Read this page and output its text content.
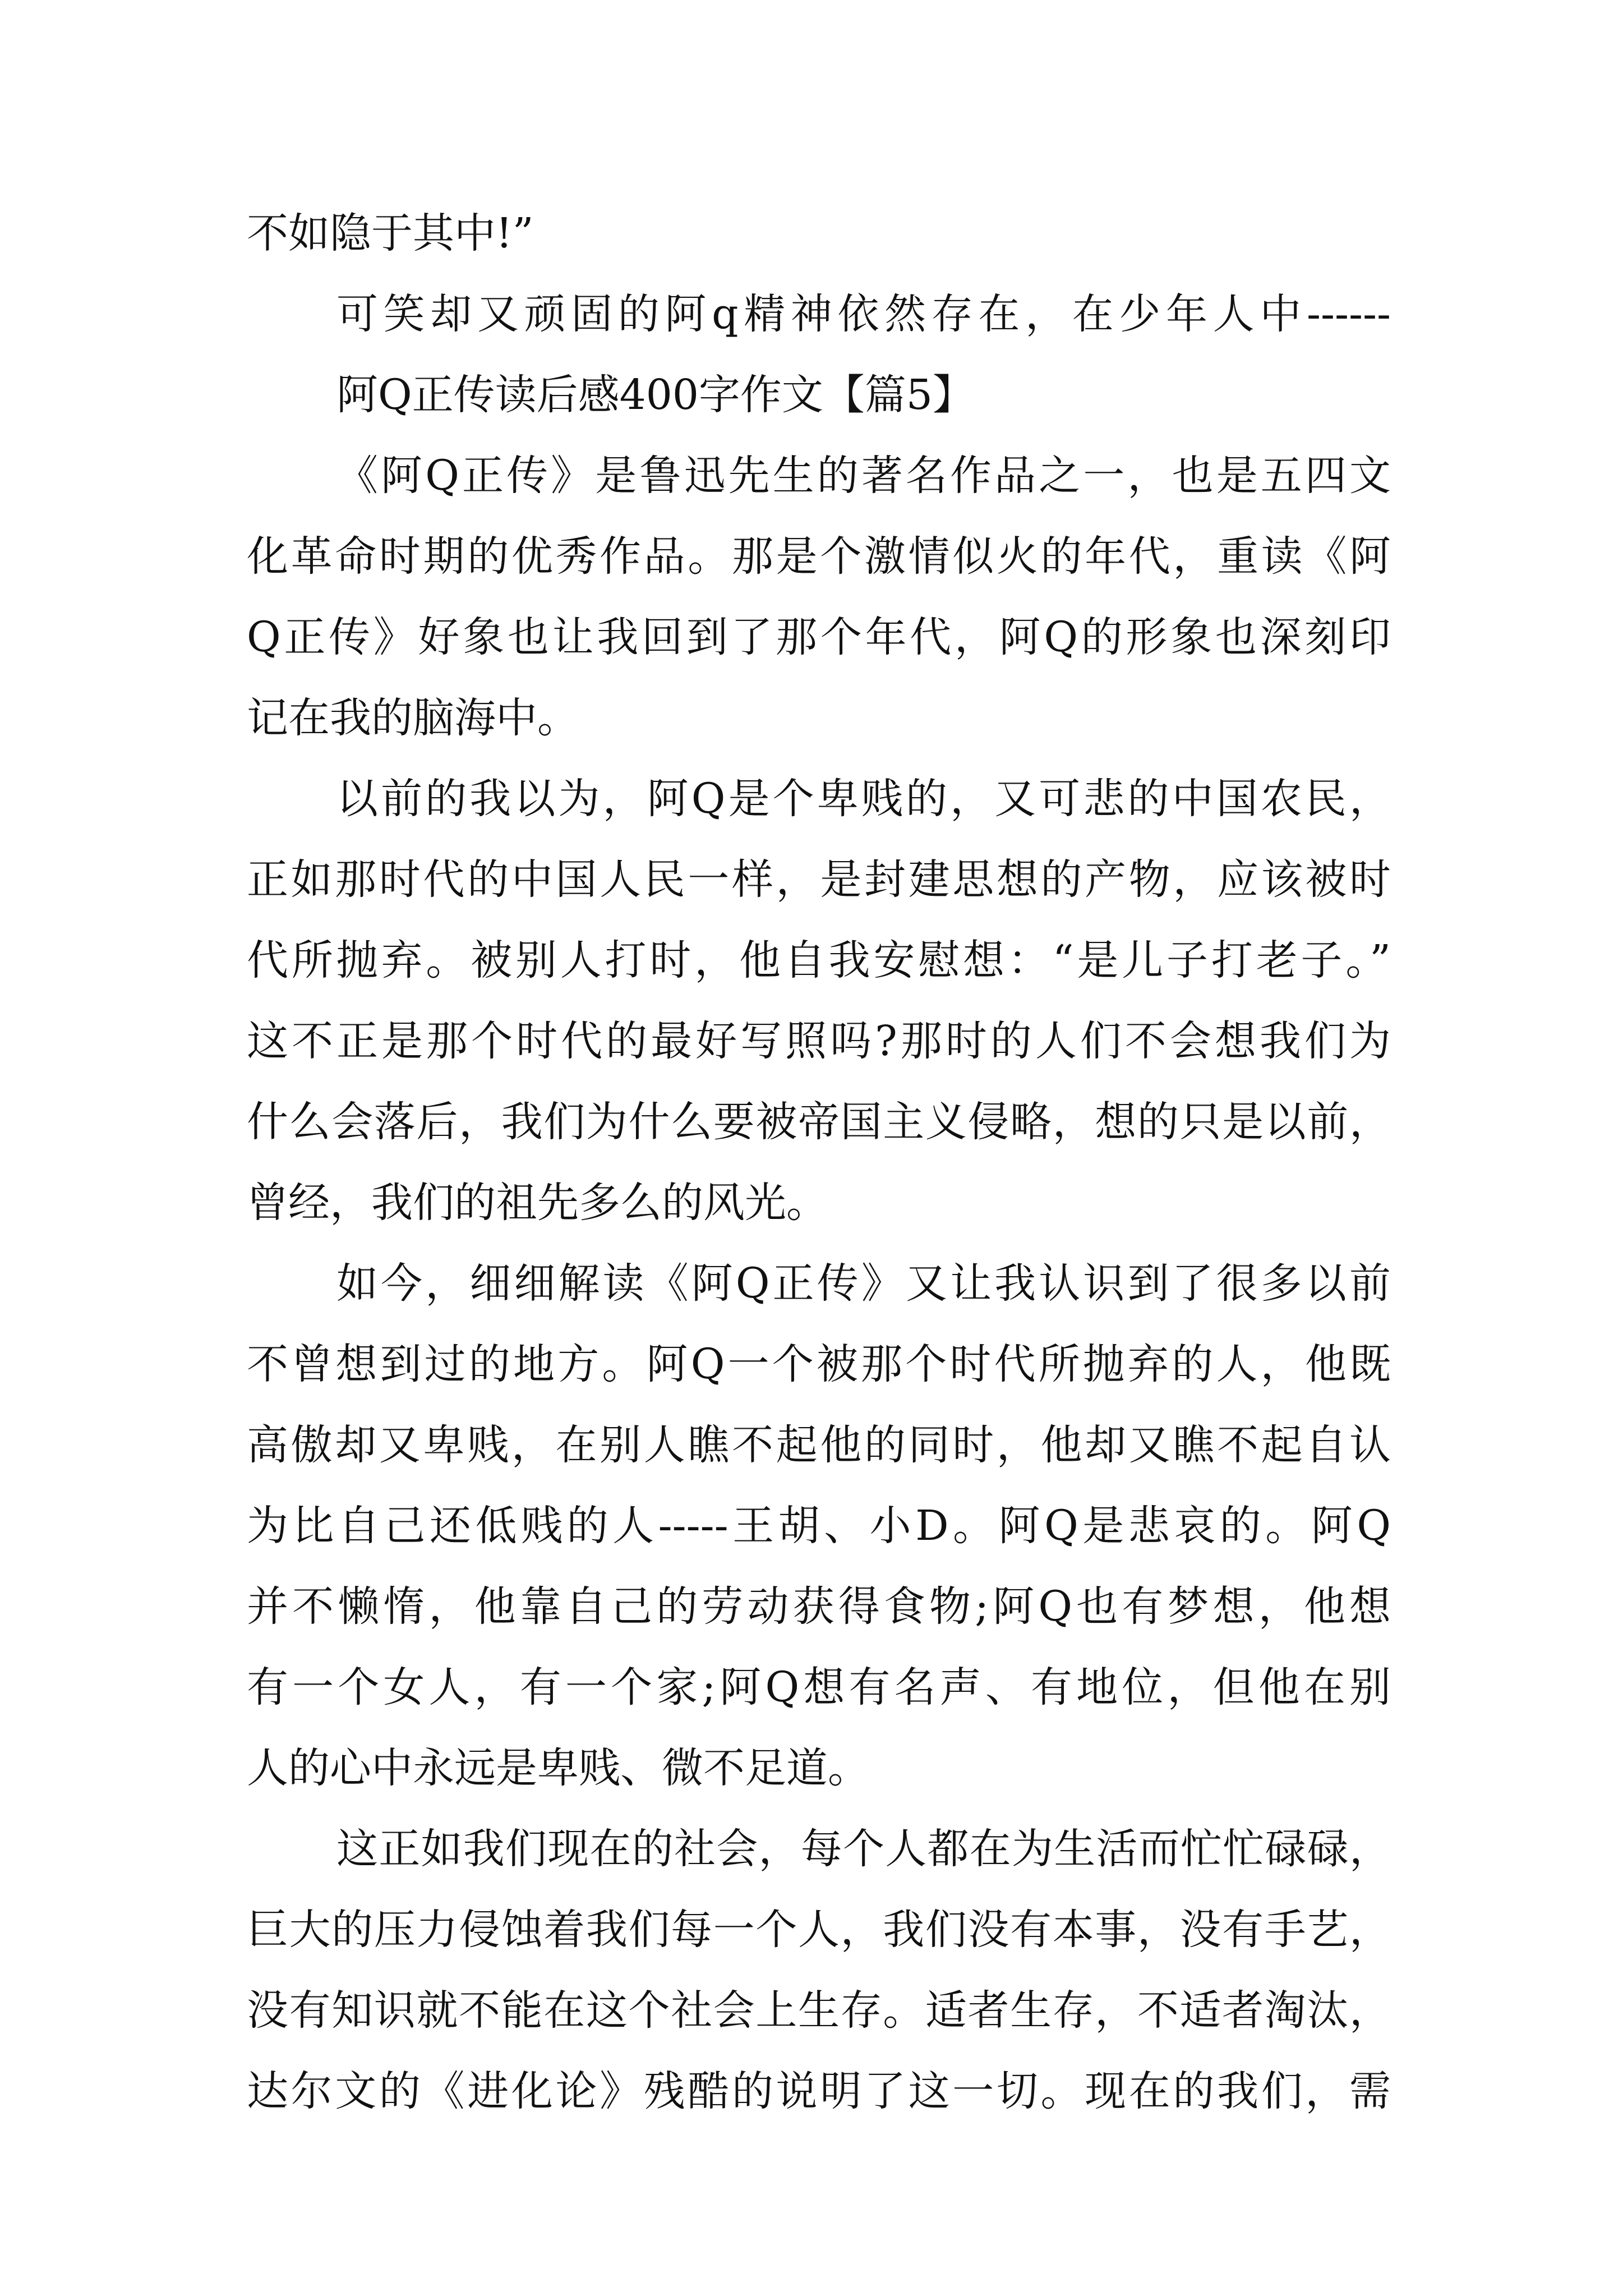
不如隐于其中!”

可笑却又顽固的阿q精神依然存在，在少年人中------

阿Q正传读后感400字作文【篇5】

《阿Q正传》是鲁迅先生的著名作品之一，也是五四文

化革命时期的优秀作品。那是个激情似火的年代，重读《阿

Q正传》好象也让我回到了那个年代，阿Q的形象也深刻印

记在我的脑海中。

以前的我以为，阿Q是个卑贱的，又可悲的中国农民，

正如那时代的中国人民一样，是封建思想的产物，应该被时

代所抛弃。被别人打时，他自我安慰想：“是儿子打老子。”

这不正是那个时代的最好写照吗?那时的人们不会想我们为

什么会落后，我们为什么要被帝国主义侵略，想的只是以前，

曾经，我们的祖先多么的风光。

如今，细细解读《阿Q正传》又让我认识到了很多以前

不曾想到过的地方。阿Q一个被那个时代所抛弃的人，他既

高傲却又卑贱，在别人瞧不起他的同时，他却又瞧不起自认

为比自己还低贱的人-----王胡、小D。阿Q是悲哀的。阿Q

并不懒惰，他靠自己的劳动获得食物;阿Q也有梦想，他想

有一个女人，有一个家;阿Q想有名声、有地位，但他在别

人的心中永远是卑贱、微不足道。

这正如我们现在的社会，每个人都在为生活而忙忙碌碌，

巨大的压力侵蚀着我们每一个人，我们没有本事，没有手艺，

没有知识就不能在这个社会上生存。适者生存，不适者淘汰，

达尔文的《进化论》残酷的说明了这一切。现在的我们，需
